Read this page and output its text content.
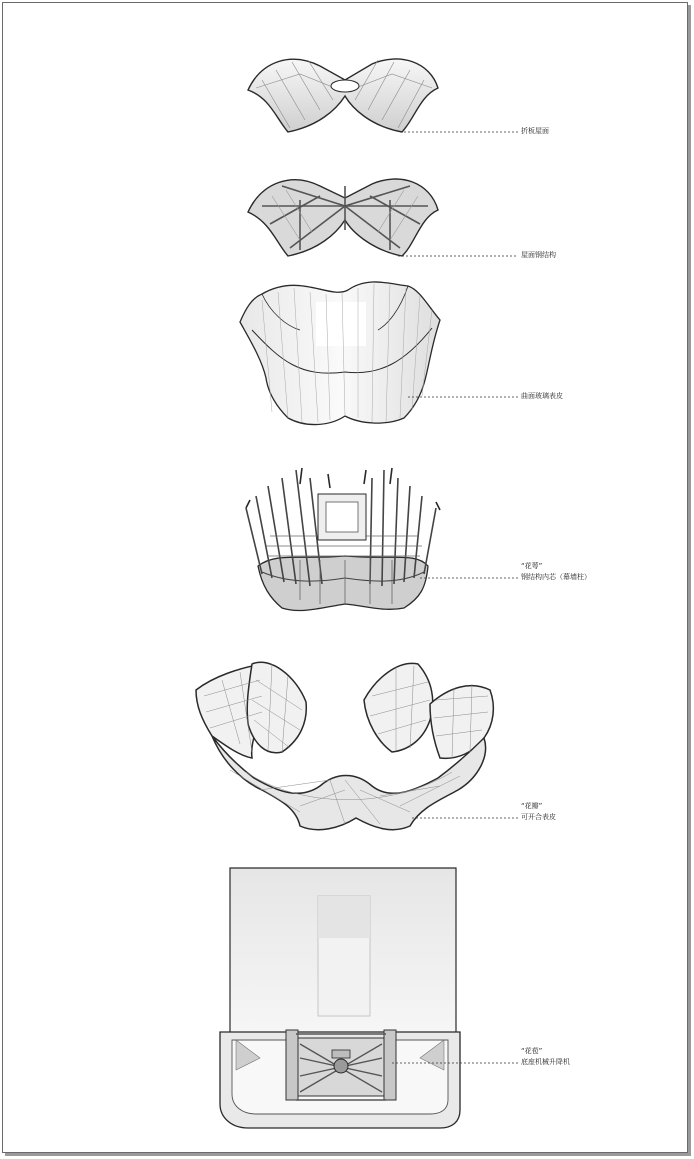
折板屋面
屋面钢结构
曲面玻璃表皮
“花萼”
钢结构内芯（幕墙柱）
“花瓣”
可开合表皮
“花苞”
底座机械升降机
